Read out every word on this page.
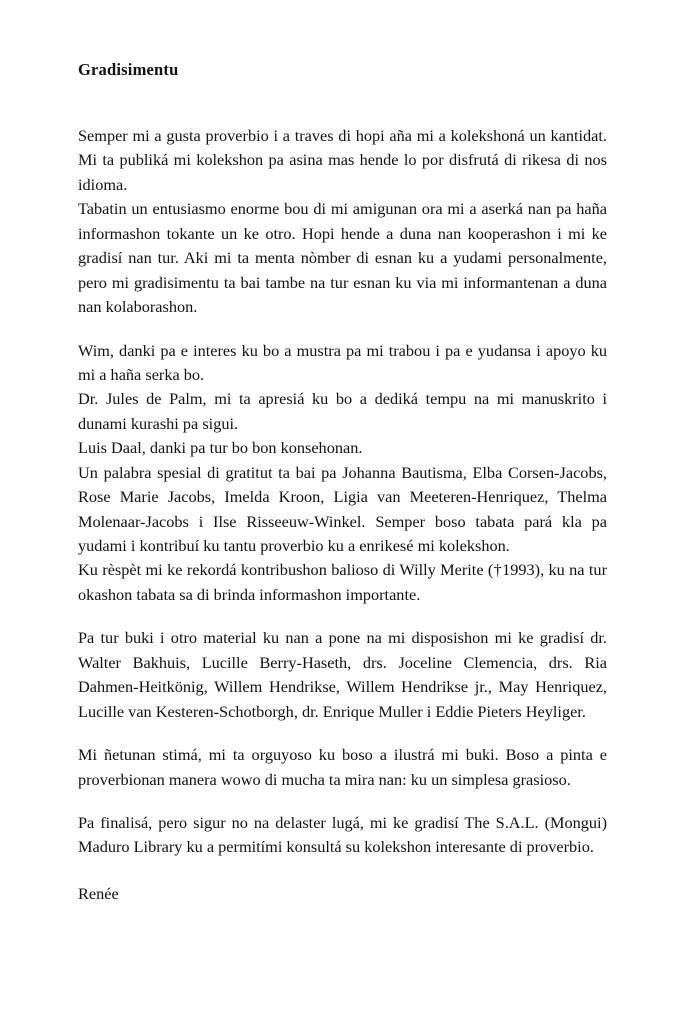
Gradisimentu

Semper mi a gusta proverbio i a traves di hopi aña mi a kolekshoná un kantidat. Mi ta publiká mi kolekshon pa asina mas hende lo por disfrutá di rikesa di nos idioma.

Tabatin un entusiasmo enorme bou di mi amigunan ora mi a aserká nan pa haña informashon tokante un ke otro. Hopi hende a duna nan kooperashon i mi ke gradisí nan tur. Aki mi ta menta nòmber di esnan ku a yudami personalmente, pero mi gradisimentu ta bai tambe na tur esnan ku via mi informantenan a duna nan kolaborashon.

Wim, danki pa e interes ku bo a mustra pa mi trabou i pa e yudansa i apoyo ku mi a haña serka bo.

Dr. Jules de Palm, mi ta apresiá ku bo a dediká tempu na mi manuskrito i dunami kurashi pa sigui.

Luis Daal, danki pa tur bo bon konsehonan.

Un palabra spesial di gratitut ta bai pa Johanna Bautisma, Elba Corsen-Jacobs, Rose Marie Jacobs, Imelda Kroon, Ligia van Meeteren-Henriquez, Thelma Molenaar-Jacobs i Ilse Risseeuw-Winkel. Semper boso tabata pará kla pa yudami i kontribuí ku tantu proverbio ku a enrikesé mi kolekshon.

Ku rèspèt mi ke rekordá kontribushon balioso di Willy Merite (†1993), ku na tur okashon tabata sa di brinda informashon importante.

Pa tur buki i otro material ku nan a pone na mi disposishon mi ke gradisí dr. Walter Bakhuis, Lucille Berry-Haseth, drs. Joceline Clemencia, drs. Ria Dahmen-Heitkönig, Willem Hendrikse, Willem Hendrikse jr., May Henriquez, Lucille van Kesteren-Schotborgh, dr. Enrique Muller i Eddie Pieters Heyliger.

Mi ñetunan stimá, mi ta orguyoso ku boso a ilustrá mi buki. Boso a pinta e proverbionan manera wowo di mucha ta mira nan: ku un simplesa grasioso.

Pa finalisá, pero sigur no na delaster lugá, mi ke gradisí The S.A.L. (Mongui) Maduro Library ku a permitími konsultá su kolekshon interesante di proverbio.

Renée
